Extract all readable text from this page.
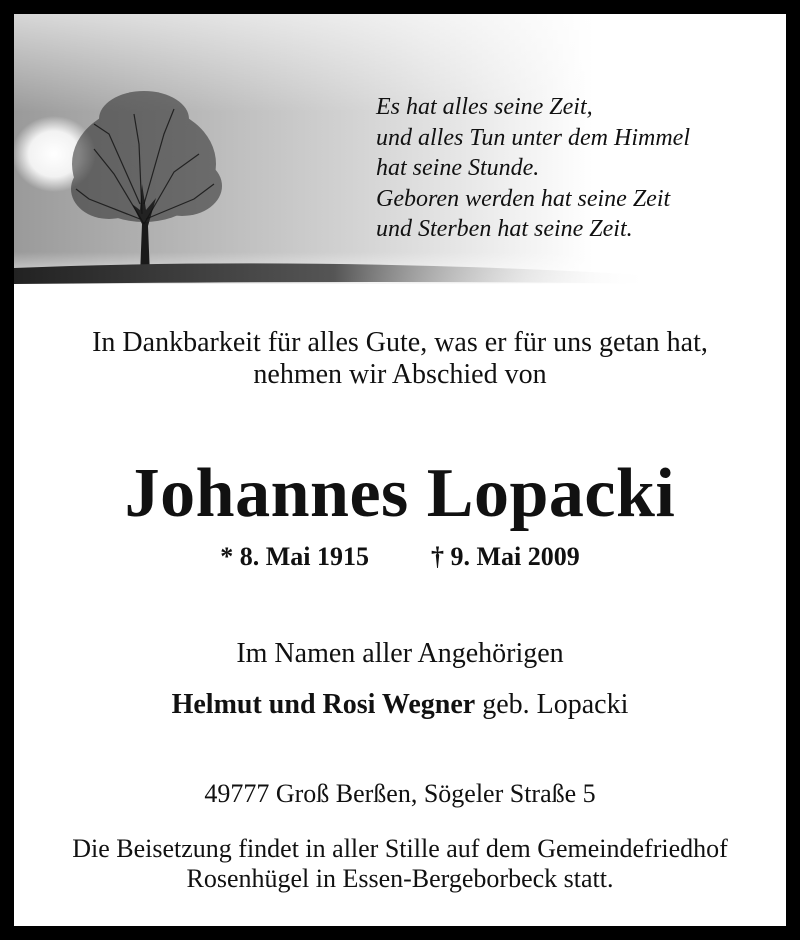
Es hat alles seine Zeit,
und alles Tun unter dem Himmel
hat seine Stunde.
Geboren werden hat seine Zeit
und Sterben hat seine Zeit.
In Dankbarkeit für alles Gute, was er für uns getan hat,
nehmen wir Abschied von
Johannes Lopacki
* 8. Mai 1915 † 9. Mai 2009
Im Namen aller Angehörigen
Helmut und Rosi Wegner geb. Lopacki
49777 Groß Berßen, Sögeler Straße 5
Die Beisetzung findet in aller Stille auf dem Gemeindefriedhof
Rosenhügel in Essen-Bergeborbeck statt.
